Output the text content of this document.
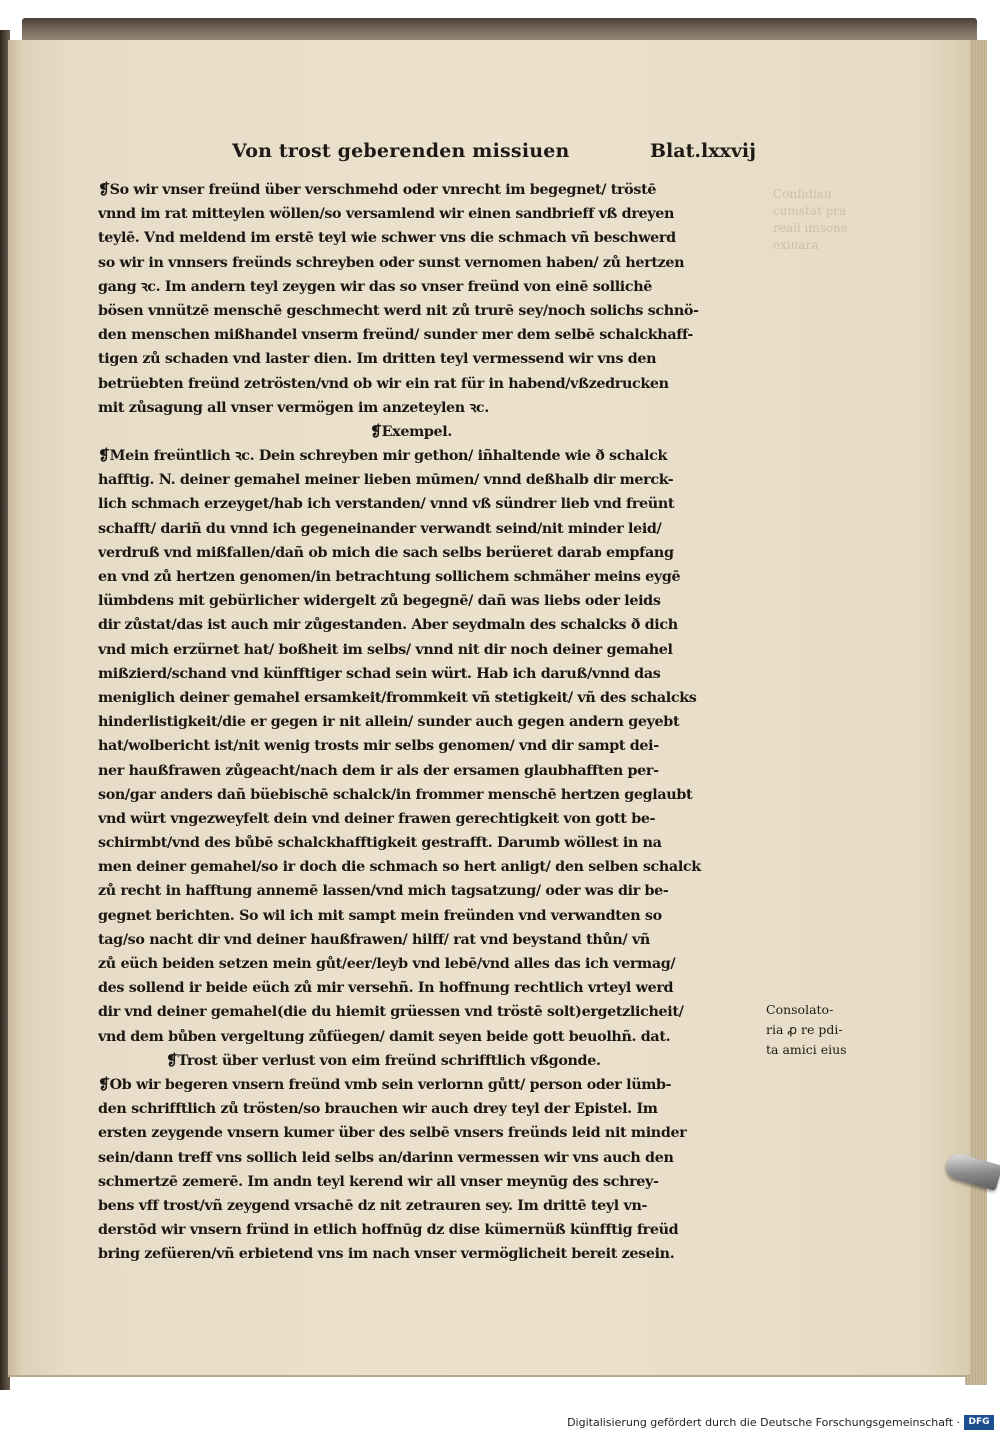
Von trost geberenden missiuen	Blat.lxxvij
Confidiau
cumstat pra
reaii imsone
exiuara
❡So wir vnser freünd über verschmehd oder vnrecht im begegnet/ tröstē
vnnd im rat mitteylen wöllen/so versamlend wir einen sandbrieff vß dreyen
teylē. Vnd meldend im erstē teyl wie schwer vns die schmach vñ beschwerd
so wir in vnnsers freünds schreyben oder sunst vernomen haben/ zů hertzen
gang ꝛc. Im andern teyl zeygen wir das so vnser freünd von einē sollichē
bösen vnnützē menschē geschmecht werd nit zů trurē sey/noch solichs schnö-
den menschen mißhandel vnserm freünd/ sunder mer dem selbē schalckhaff-
tigen zů schaden vnd laster dien. Im dritten teyl vermessend wir vns den
betrüebten freünd zetrösten/vnd ob wir ein rat für in habend/vßzedrucken
mit zůsagung all vnser vermögen im anzeteylen ꝛc.
❡Exempel.
❡Mein freüntlich ꝛc. Dein schreyben mir gethon/ iñhaltende wie ð schalck
hafftig. N. deiner gemahel meiner lieben mūmen/ vnnd deßhalb dir merck-
lich schmach erzeyget/hab ich verstanden/ vnnd vß sündrer lieb vnd freünt
schafft/ dariñ du vnnd ich gegeneinander verwandt seind/nit minder leid/
verdruß vnd mißfallen/dañ ob mich die sach selbs berüeret darab empfang
en vnd zů hertzen genomen/in betrachtung sollichem schmäher meins eygē
lümbdens mit gebürlicher widergelt zů begegnē/ dañ was liebs oder leids
dir zůstat/das ist auch mir zůgestanden. Aber seydmaln des schalcks ð dich
vnd mich erzürnet hat/ boßheit im selbs/ vnnd nit dir noch deiner gemahel
mißzierd/schand vnd künfftiger schad sein würt. Hab ich daruß/vnnd das
meniglich deiner gemahel ersamkeit/frommkeit vñ stetigkeit/ vñ des schalcks
hinderlistigkeit/die er gegen ir nit allein/ sunder auch gegen andern geyebt
hat/wolbericht ist/nit wenig trosts mir selbs genomen/ vnd dir sampt dei-
ner haußfrawen zůgeacht/nach dem ir als der ersamen glaubhafften per-
son/gar anders dañ büebischē schalck/in frommer menschē hertzen geglaubt
vnd würt vngezweyfelt dein vnd deiner frawen gerechtigkeit von gott be-
schirmbt/vnd des bůbē schalckhafftigkeit gestrafft. Darumb wöllest in na
men deiner gemahel/so ir doch die schmach so hert anligt/ den selben schalck
zů recht in hafftung annemē lassen/vnd mich tagsatzung/ oder was dir be-
gegnet berichten. So wil ich mit sampt mein freünden vnd verwandten so
tag/so nacht dir vnd deiner haußfrawen/ hilff/ rat vnd beystand thůn/ vñ
zů eüch beiden setzen mein gůt/eer/leyb vnd lebē/vnd alles das ich vermag/
des sollend ir beide eüch zů mir versehñ. In hoffnung rechtlich vrteyl werd
dir vnd deiner gemahel(die du hiemit grüessen vnd tröstē solt)ergetzlicheit/
vnd dem bůben vergeltung zůfüegen/ damit seyen beide gott beuolhñ. dat.
❡Trost über verlust von eim freünd schrifftlich vßgonde.
❡Ob wir begeren vnsern freünd vmb sein verlornn gůtt/ person oder lümb-
den schrifftlich zů trösten/so brauchen wir auch drey teyl der Epistel. Im
ersten zeygende vnsern kumer über des selbē vnsers freünds leid nit minder
sein/dann treff vns sollich leid selbs an/darinn vermessen wir vns auch den
schmertzē zemerē. Im andn teyl kerend wir all vnser meynūg des schrey-
bens vff trost/vñ zeygend vrsachē dz nit zetrauren sey. Im drittē teyl vn-
derstōd wir vnsern fründ in etlich hoffnūg dz dise kümernüß künfftig freüd
bring zefüeren/vñ erbietend vns im nach vnser vermöglicheit bereit zesein.
Consolato-
ria ꝓ re pdi-
ta amici eius
Digitalisierung gefördert durch die Deutsche Forschungsgemeinschaft · DFG
